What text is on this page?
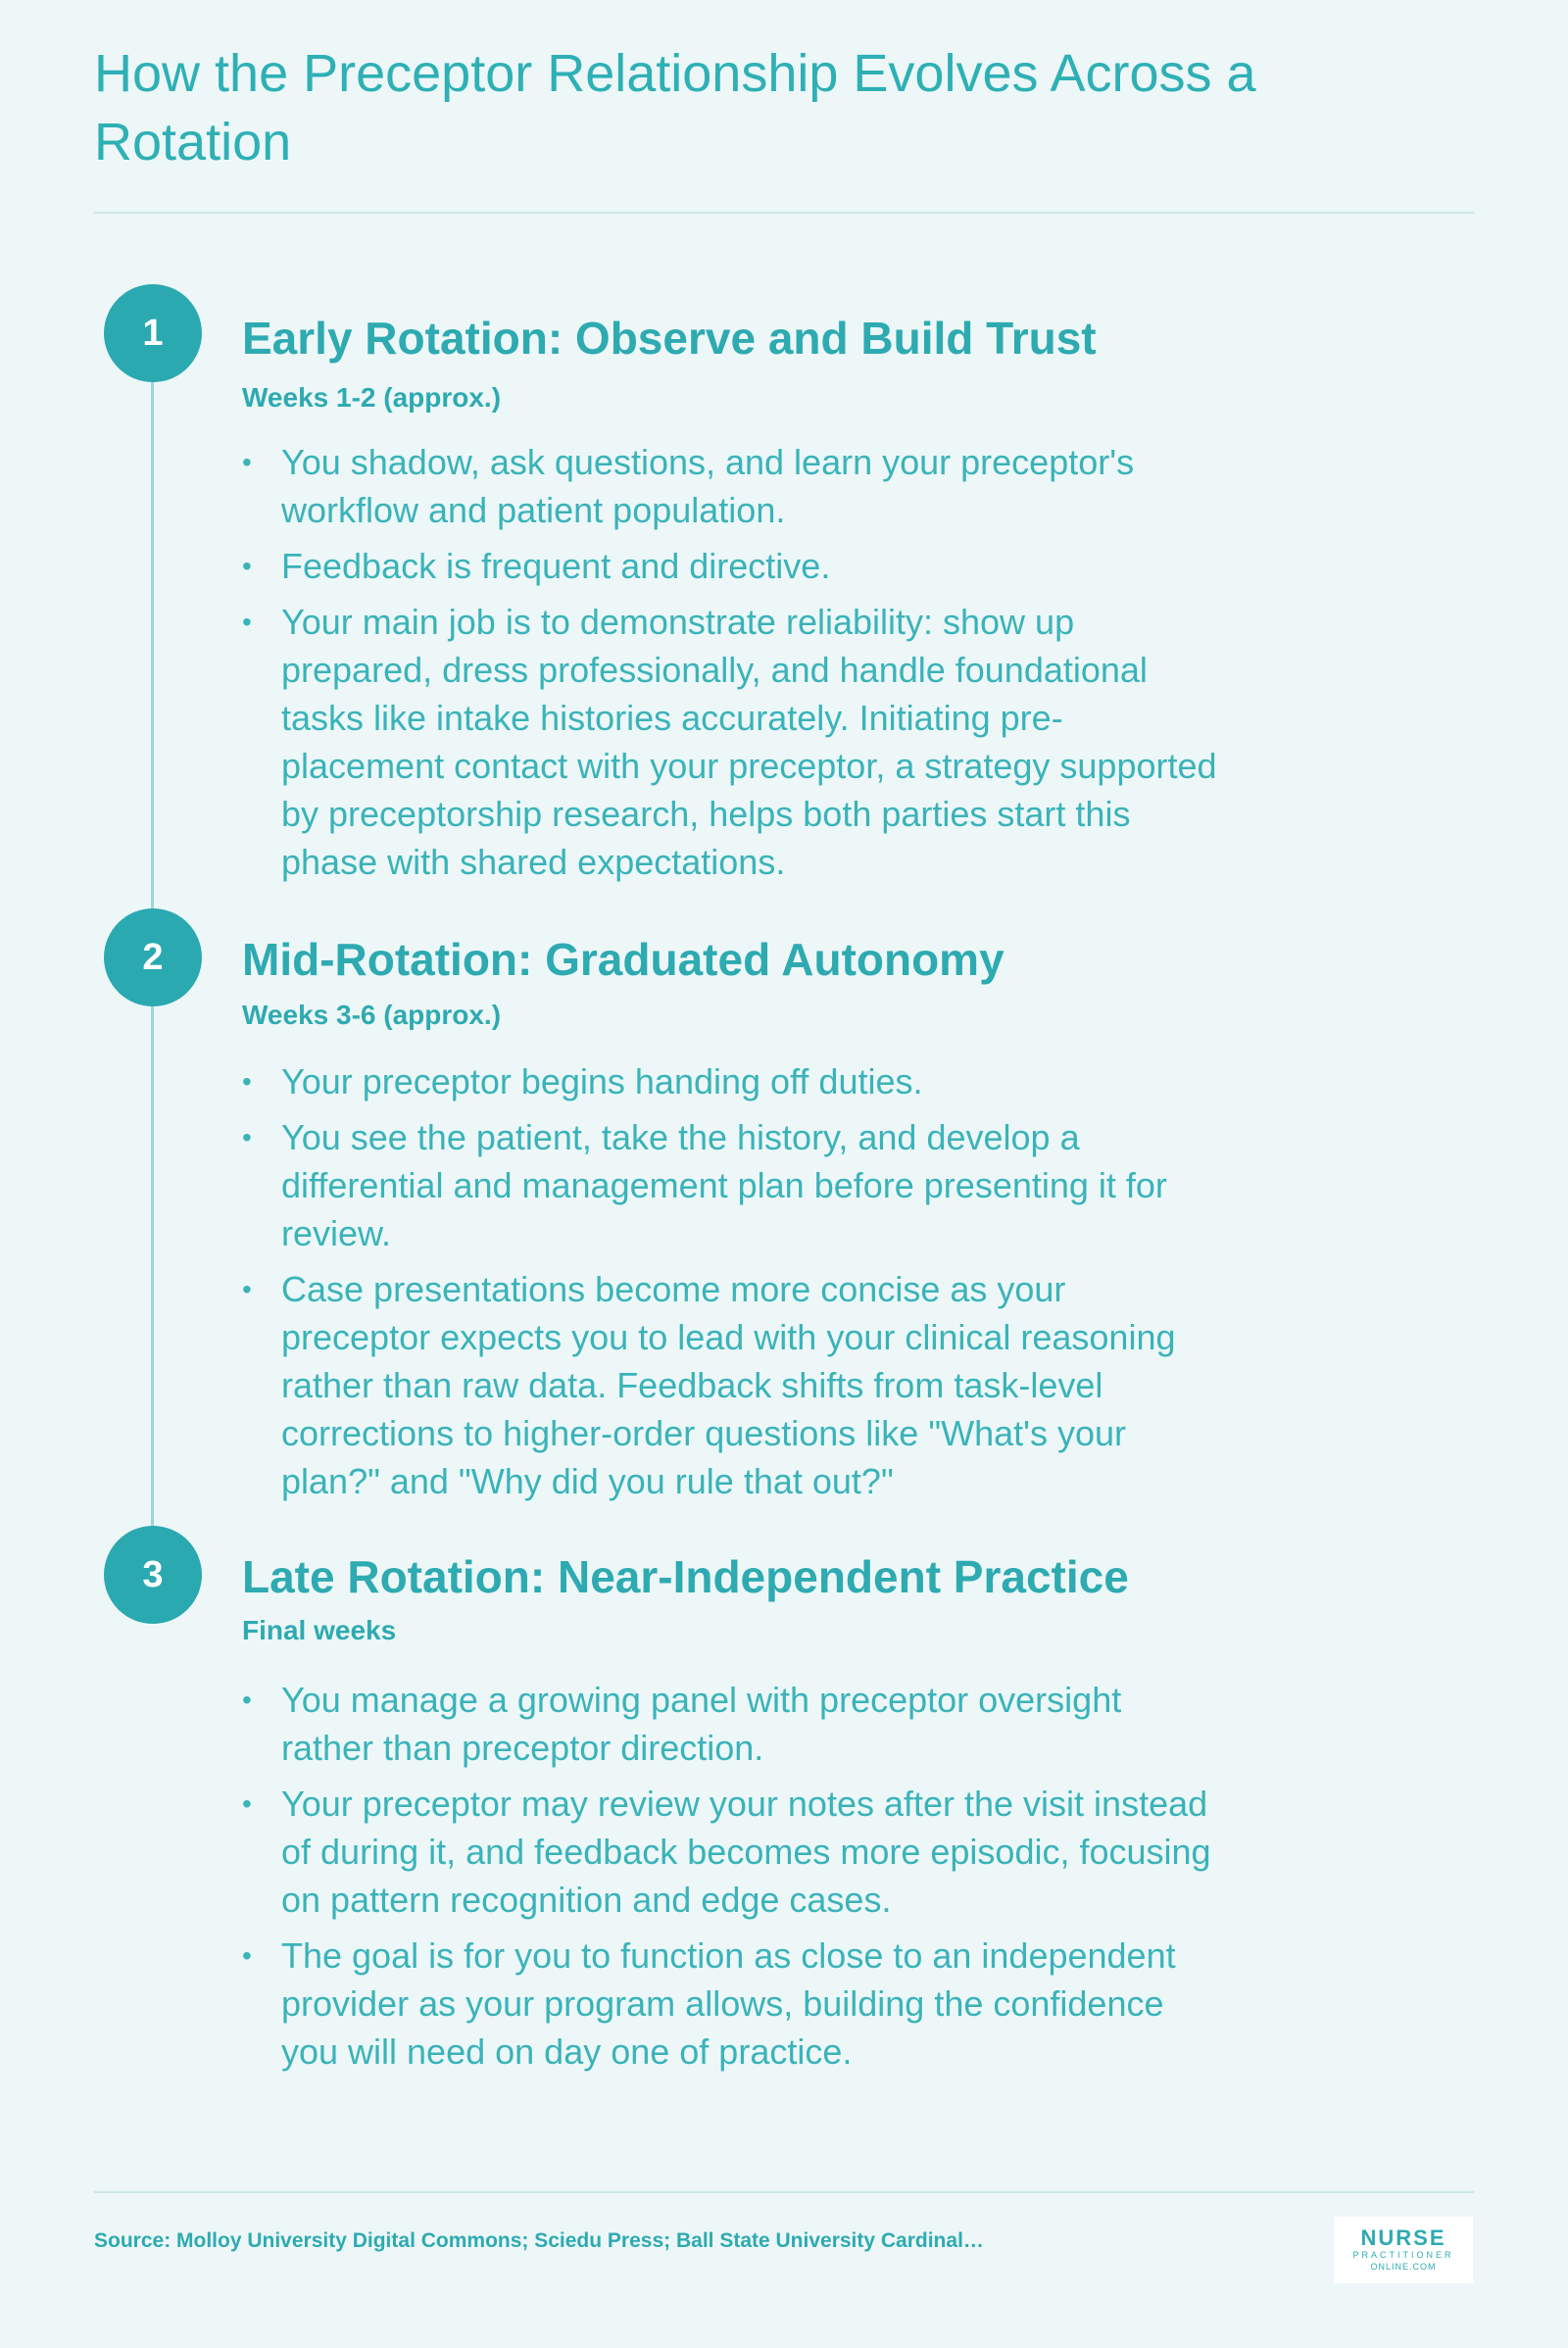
How the Preceptor Relationship Evolves Across a Rotation
1	Early Rotation: Observe and Build Trust
Weeks 1-2 (approx.)
• You shadow, ask questions, and learn your preceptor's workflow and patient population.
• Feedback is frequent and directive.
• Your main job is to demonstrate reliability: show up prepared, dress professionally, and handle foundational tasks like intake histories accurately. Initiating pre-placement contact with your preceptor, a strategy supported by preceptorship research, helps both parties start this phase with shared expectations.
2	Mid-Rotation: Graduated Autonomy
Weeks 3-6 (approx.)
• Your preceptor begins handing off duties.
• You see the patient, take the history, and develop a differential and management plan before presenting it for review.
• Case presentations become more concise as your preceptor expects you to lead with your clinical reasoning rather than raw data. Feedback shifts from task-level corrections to higher-order questions like "What's your plan?" and "Why did you rule that out?"
3	Late Rotation: Near-Independent Practice
Final weeks
• You manage a growing panel with preceptor oversight rather than preceptor direction.
• Your preceptor may review your notes after the visit instead of during it, and feedback becomes more episodic, focusing on pattern recognition and edge cases.
• The goal is for you to function as close to an independent provider as your program allows, building the confidence you will need on day one of practice.
Source: Molloy University Digital Commons; Sciedu Press; Ball State University Cardinal…	NURSE
PRACTITIONER
ONLINE.COM
